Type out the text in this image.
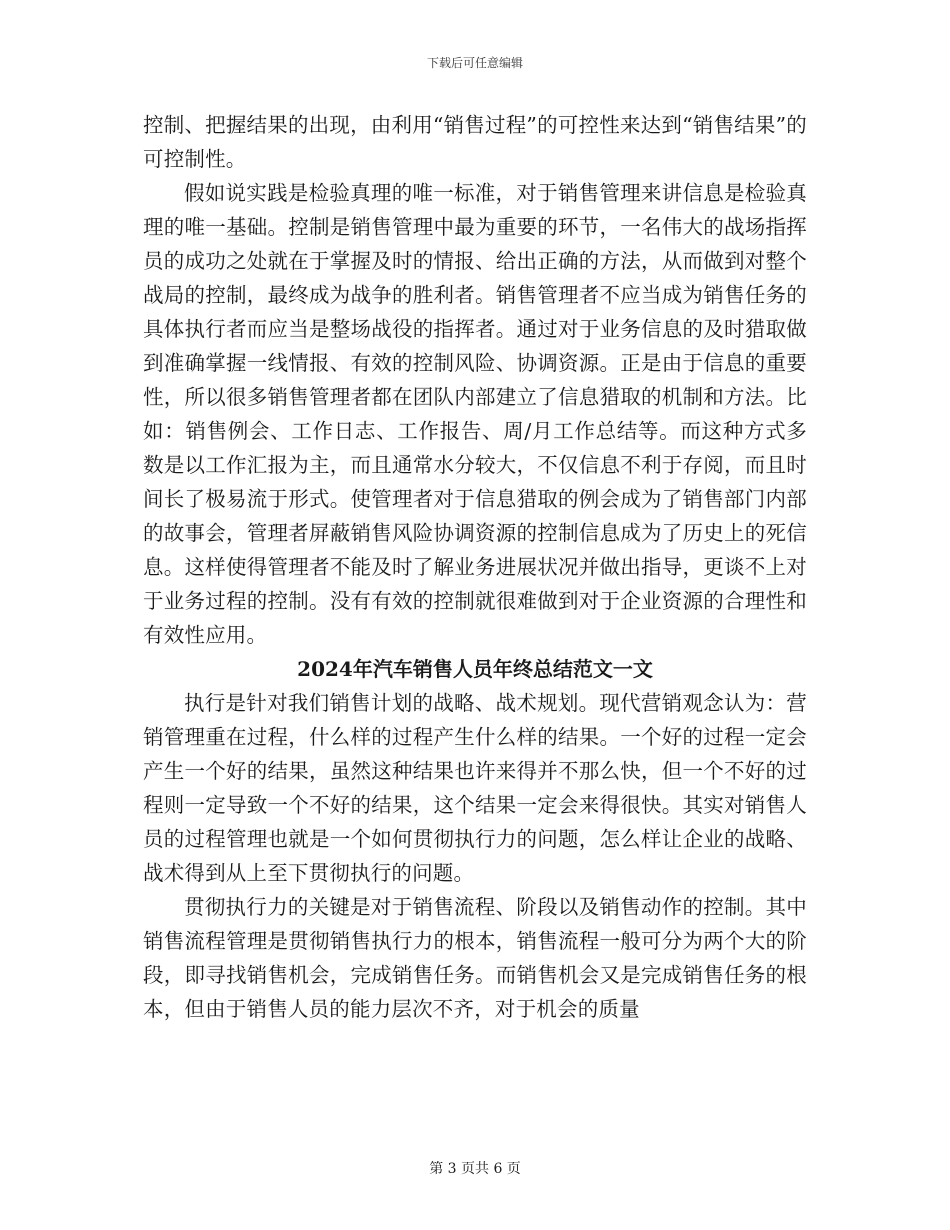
下载后可任意编辑

控制、把握结果的出现，由利用“销售过程”的可控性来达到“销售结果”的可控制性。

假如说实践是检验真理的唯一标准，对于销售管理来讲信息是检验真理的唯一基础。控制是销售管理中最为重要的环节，一名伟大的战场指挥员的成功之处就在于掌握及时的情报、给出正确的方法，从而做到对整个战局的控制，最终成为战争的胜利者。销售管理者不应当成为销售任务的具体执行者而应当是整场战役的指挥者。通过对于业务信息的及时猎取做到准确掌握一线情报、有效的控制风险、协调资源。正是由于信息的重要性，所以很多销售管理者都在团队内部建立了信息猎取的机制和方法。比如：销售例会、工作日志、工作报告、周/月工作总结等。而这种方式多数是以工作汇报为主，而且通常水分较大，不仅信息不利于存阅，而且时间长了极易流于形式。使管理者对于信息猎取的例会成为了销售部门内部的故事会，管理者屏蔽销售风险协调资源的控制信息成为了历史上的死信息。这样使得管理者不能及时了解业务进展状况并做出指导，更谈不上对于业务过程的控制。没有有效的控制就很难做到对于企业资源的合理性和有效性应用。

2024年汽车销售人员年终总结范文一文

执行是针对我们销售计划的战略、战术规划。现代营销观念认为：营销管理重在过程，什么样的过程产生什么样的结果。一个好的过程一定会产生一个好的结果，虽然这种结果也许来得并不那么快，但一个不好的过程则一定导致一个不好的结果，这个结果一定会来得很快。其实对销售人员的过程管理也就是一个如何贯彻执行力的问题，怎么样让企业的战略、战术得到从上至下贯彻执行的问题。

贯彻执行力的关键是对于销售流程、阶段以及销售动作的控制。其中销售流程管理是贯彻销售执行力的根本，销售流程一般可分为两个大的阶段，即寻找销售机会，完成销售任务。而销售机会又是完成销售任务的根本，但由于销售人员的能力层次不齐，对于机会的质量

第 3 页共 6 页
